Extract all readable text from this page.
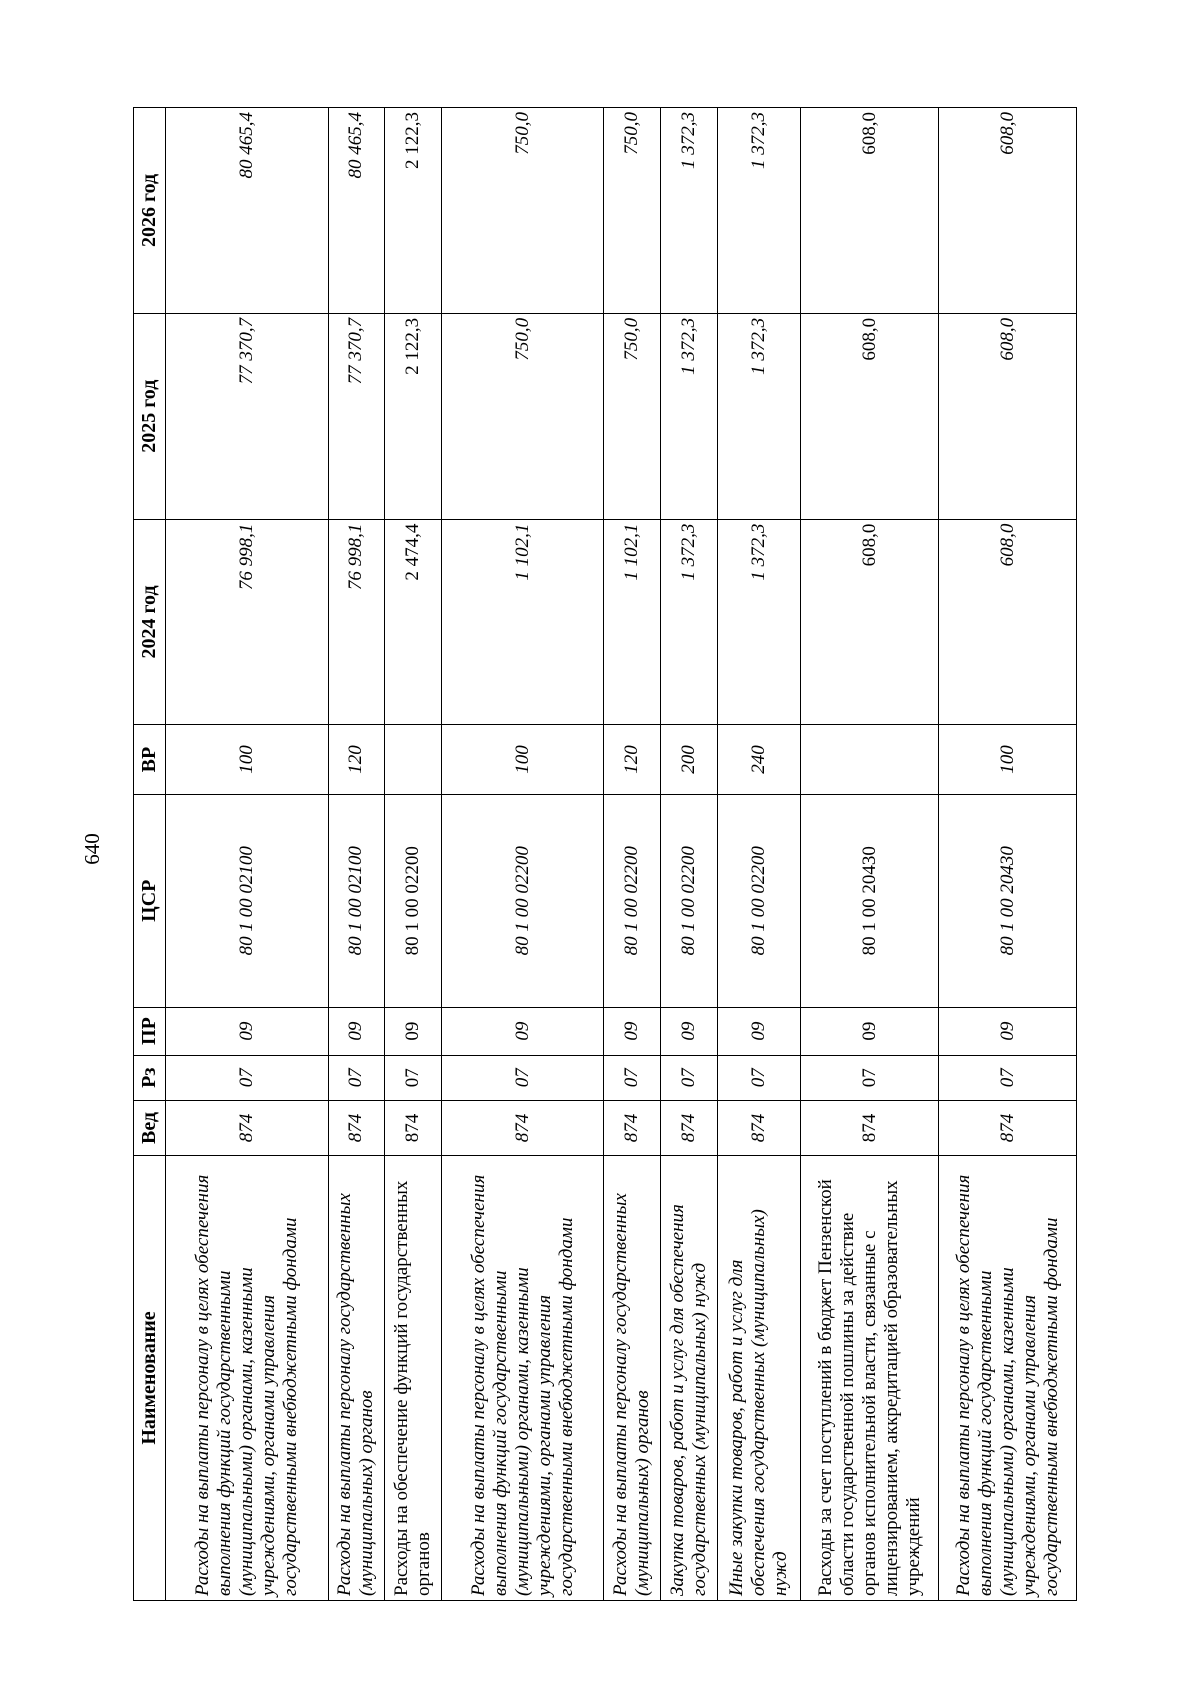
640
Наименование	Вед	Рз	ПР	ЦСР	ВР	2024 год	2025 год	2026 год
Расходы на выплаты персоналу в целях обеспечения выполнения функций государственными (муниципальными) органами, казенными учреждениями, органами управления государственными внебюджетными фондами	874	07	09	80 1 00 02100	100	76 998,1	77 370,7	80 465,4
Расходы на выплаты персоналу государственных (муниципальных) органов	874	07	09	80 1 00 02100	120	76 998,1	77 370,7	80 465,4
Расходы на обеспечение функций государственных органов	874	07	09	80 1 00 02200		2 474,4	2 122,3	2 122,3
Расходы на выплаты персоналу в целях обеспечения выполнения функций государственными (муниципальными) органами, казенными учреждениями, органами управления государственными внебюджетными фондами	874	07	09	80 1 00 02200	100	1 102,1	750,0	750,0
Расходы на выплаты персоналу государственных (муниципальных) органов	874	07	09	80 1 00 02200	120	1 102,1	750,0	750,0
Закупка товаров, работ и услуг для обеспечения государственных (муниципальных) нужд	874	07	09	80 1 00 02200	200	1 372,3	1 372,3	1 372,3
Иные закупки товаров, работ и услуг для обеспечения государственных (муниципальных) нужд	874	07	09	80 1 00 02200	240	1 372,3	1 372,3	1 372,3
Расходы за счет поступлений в бюджет Пензенской области государственной пошлины за действие органов исполнительной власти, связанные с лицензированием, аккредитацией образовательных учреждений	874	07	09	80 1 00 20430		608,0	608,0	608,0
Расходы на выплаты персоналу в целях обеспечения выполнения функций государственными (муниципальными) органами, казенными учреждениями, органами управления государственными внебюджетными фондами	874	07	09	80 1 00 20430	100	608,0	608,0	608,0
